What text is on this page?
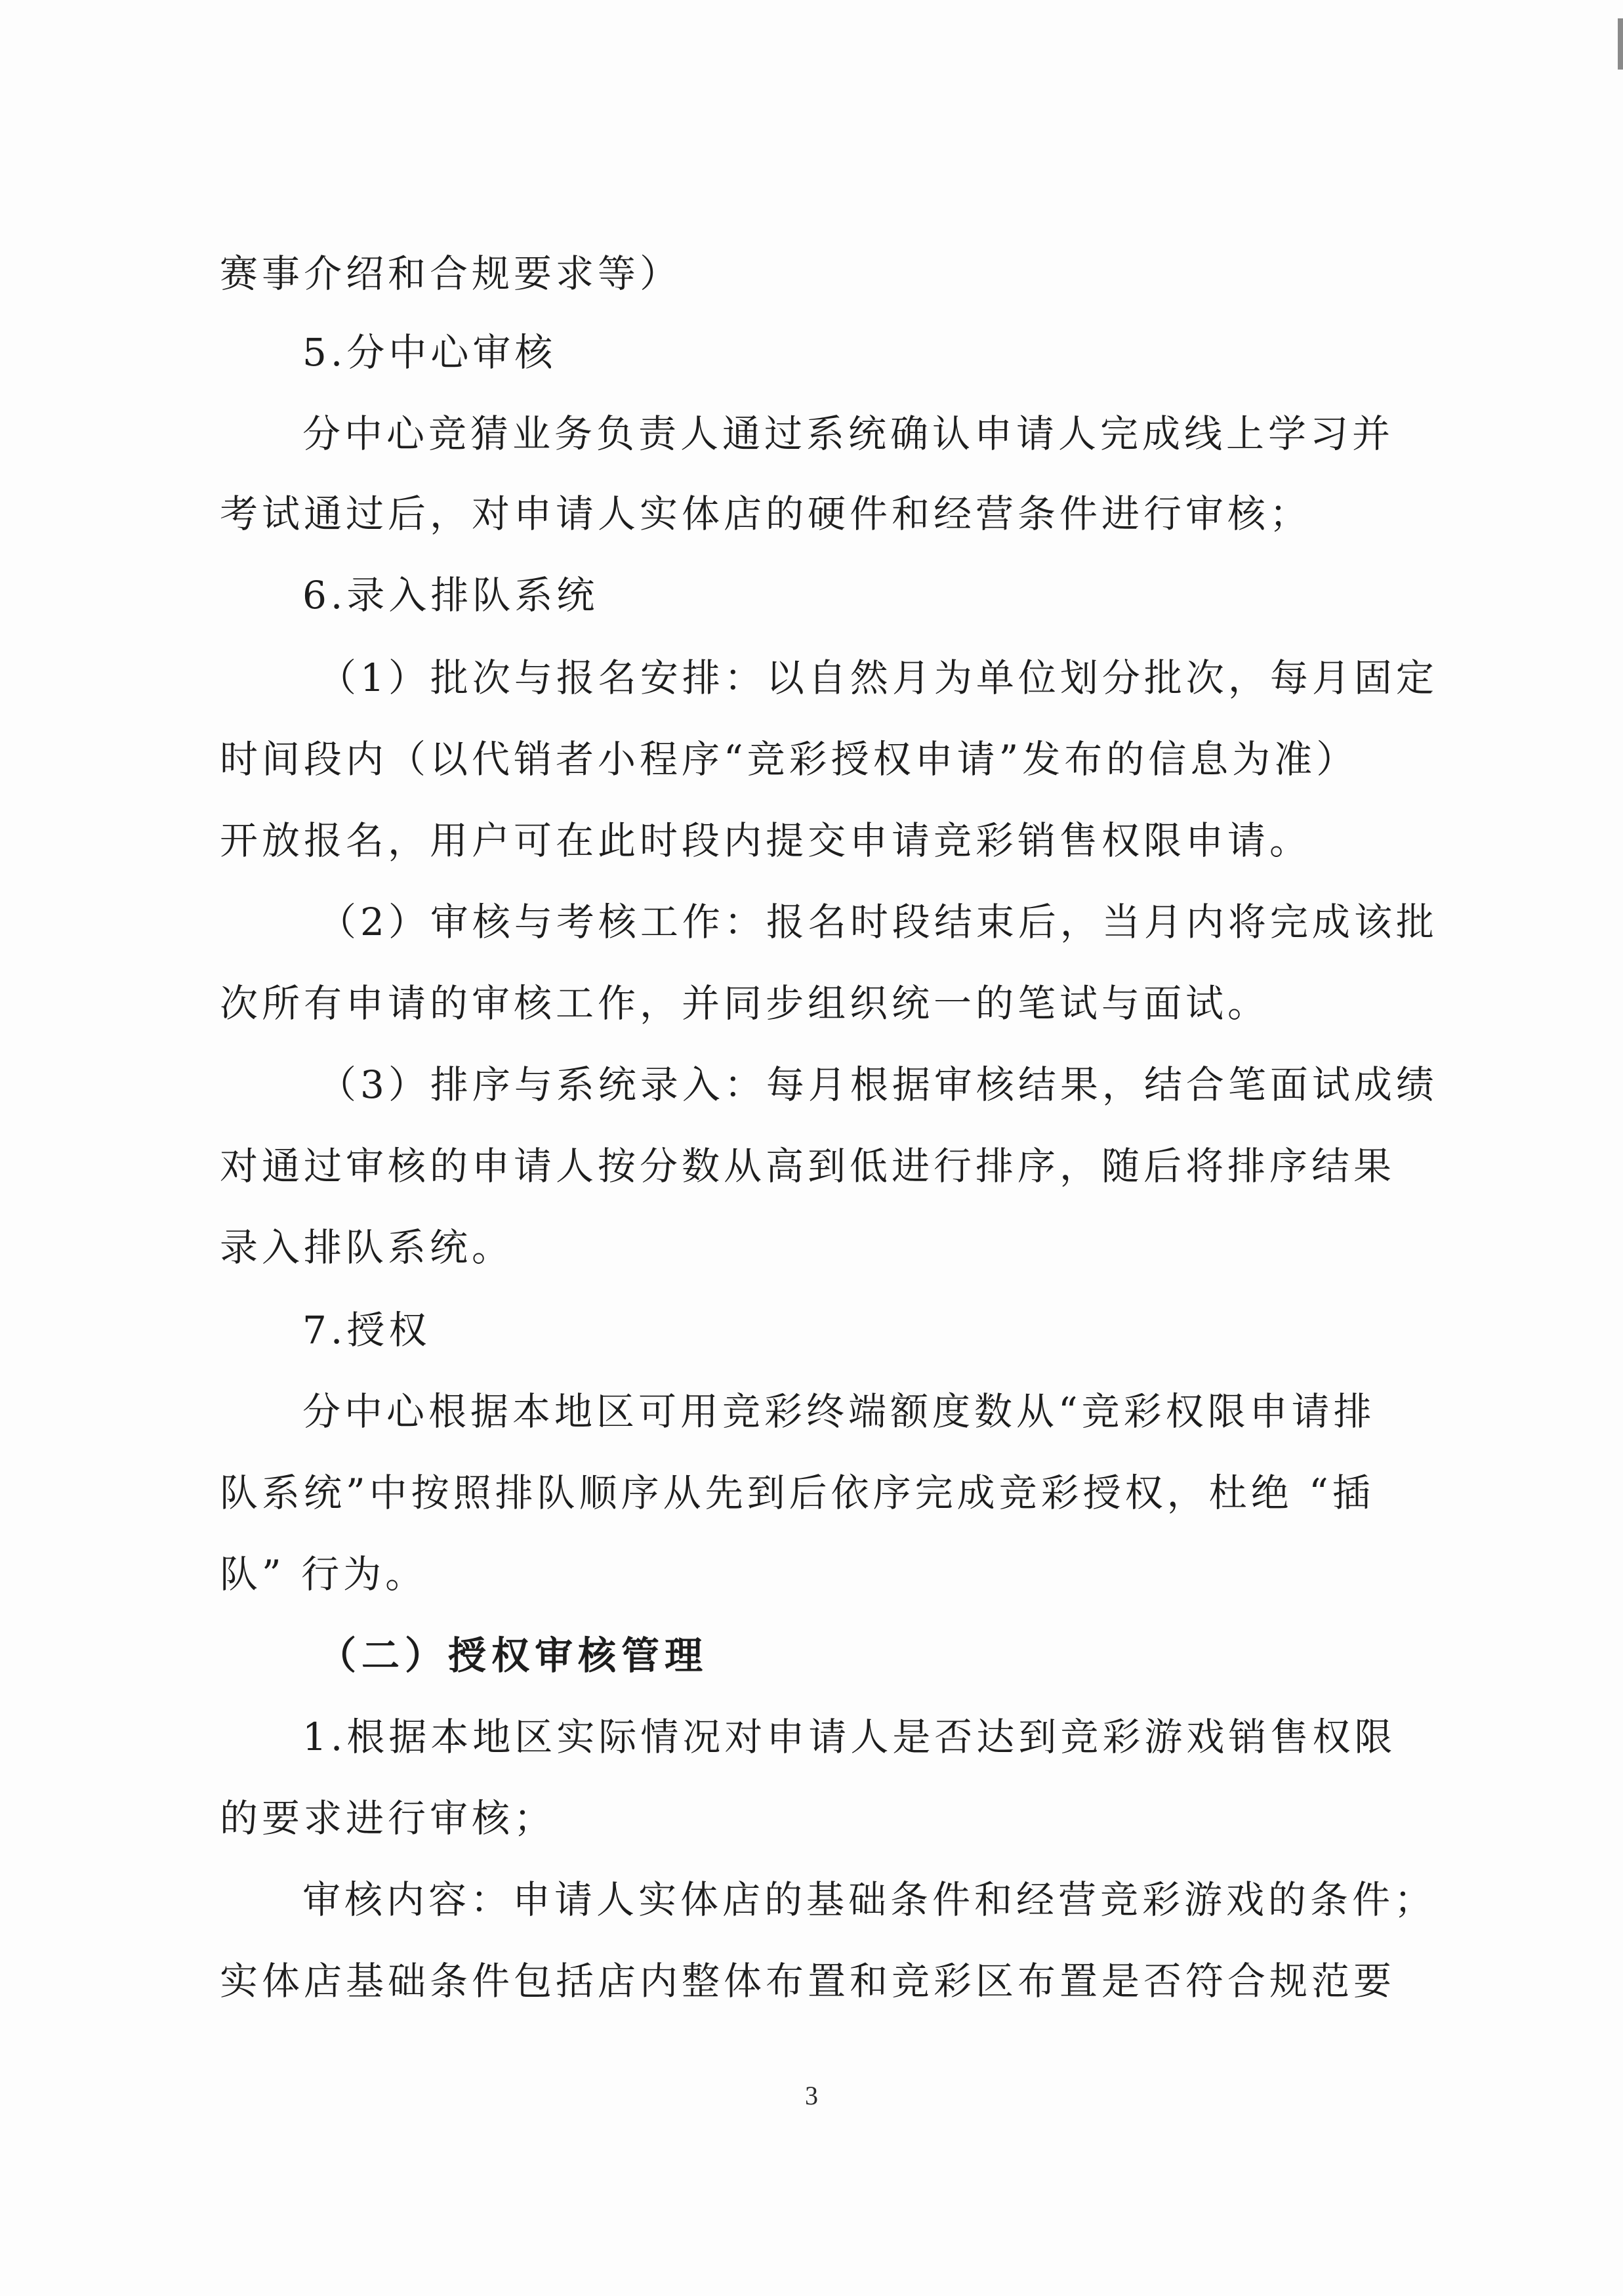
赛事介绍和合规要求等）
5.分中心审核
分中心竞猜业务负责人通过系统确认申请人完成线上学习并
考试通过后，对申请人实体店的硬件和经营条件进行审核；
6.录入排队系统
（1）批次与报名安排：以自然月为单位划分批次，每月固定
时间段内（以代销者小程序“竞彩授权申请”发布的信息为准）
开放报名，用户可在此时段内提交申请竞彩销售权限申请。
（2）审核与考核工作：报名时段结束后，当月内将完成该批
次所有申请的审核工作，并同步组织统一的笔试与面试。
（3）排序与系统录入：每月根据审核结果，结合笔面试成绩
对通过审核的申请人按分数从高到低进行排序，随后将排序结果
录入排队系统。
7.授权
分中心根据本地区可用竞彩终端额度数从“竞彩权限申请排
队系统”中按照排队顺序从先到后依序完成竞彩授权，杜绝 “插
队” 行为。
（二）授权审核管理
1.根据本地区实际情况对申请人是否达到竞彩游戏销售权限
的要求进行审核；
审核内容：申请人实体店的基础条件和经营竞彩游戏的条件；
实体店基础条件包括店内整体布置和竞彩区布置是否符合规范要
3
